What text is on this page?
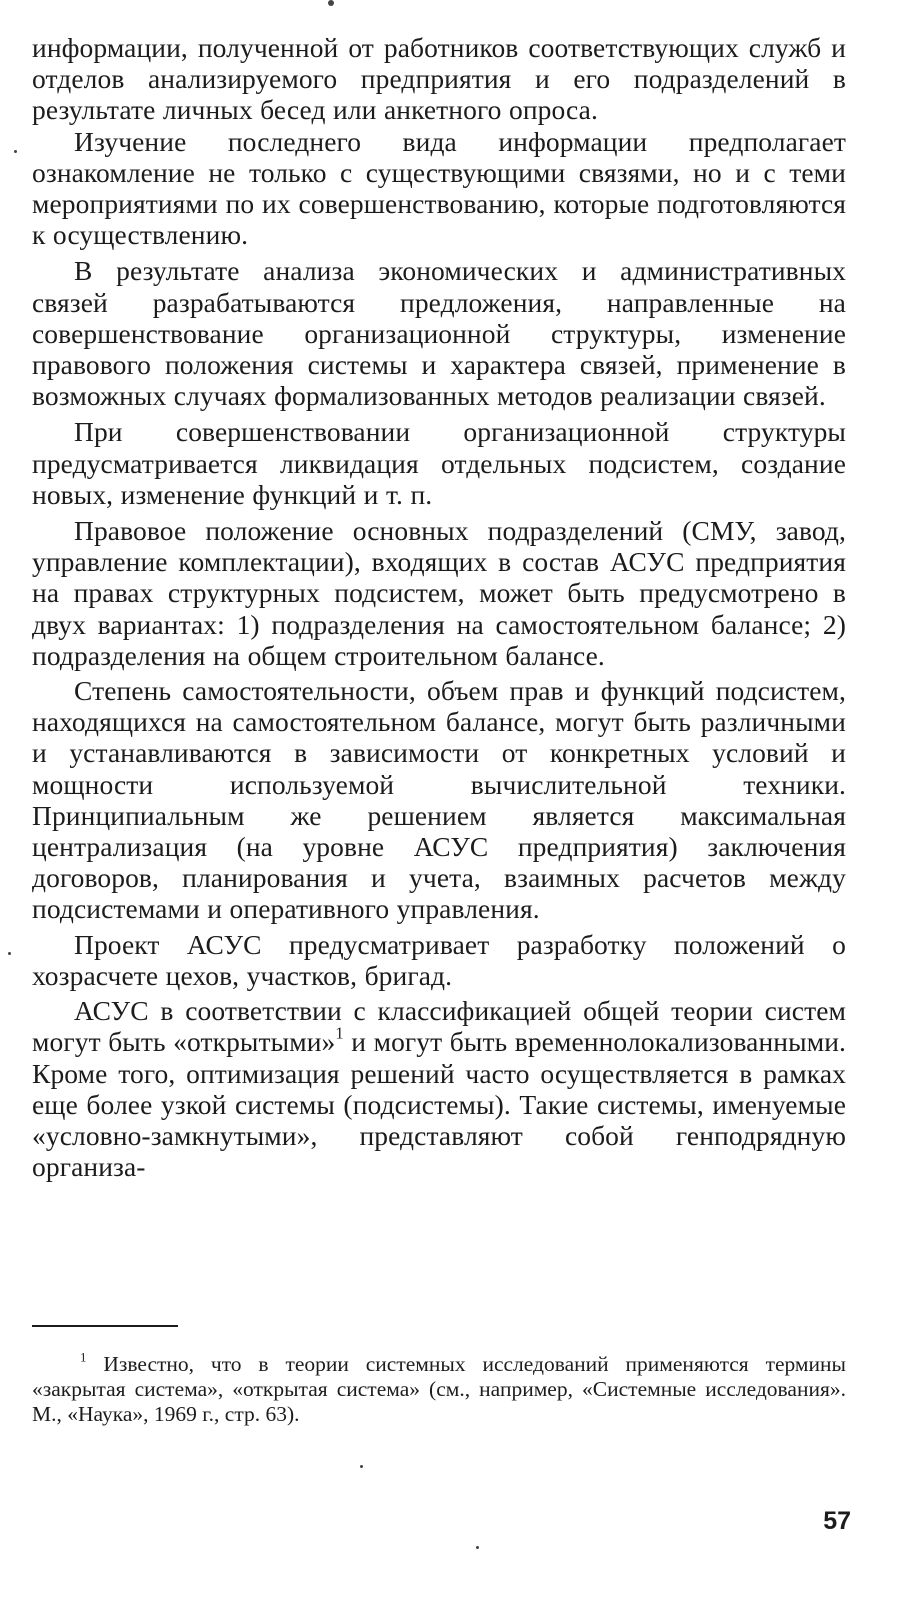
информации, полученной от работников соответствующих служб и отделов анализируемого предприятия и его подразделений в результате личных бесед или анкетного опроса.

Изучение последнего вида информации предполагает ознакомление не только с существующими связями, но и с теми мероприятиями по их совершенствованию, которые подготовляются к осуществлению.

В результате анализа экономических и административных связей разрабатываются предложения, направленные на совершенствование организационной структуры, изменение правового положения системы и характера связей, применение в возможных случаях формализованных методов реализации связей.

При совершенствовании организационной структуры предусматривается ликвидация отдельных подсистем, создание новых, изменение функций и т. п.

Правовое положение основных подразделений (СМУ, завод, управление комплектации), входящих в состав АСУС предприятия на правах структурных подсистем, может быть предусмотрено в двух вариантах: 1) подразделения на самостоятельном балансе; 2) подразделения на общем строительном балансе.

Степень самостоятельности, объем прав и функций подсистем, находящихся на самостоятельном балансе, могут быть различными и устанавливаются в зависимости от конкретных условий и мощности используемой вычислительной техники. Принципиальным же решением является максимальная централизация (на уровне АСУС предприятия) заключения договоров, планирования и учета, взаимных расчетов между подсистемами и оперативного управления.

Проект АСУС предусматривает разработку положений о хозрасчете цехов, участков, бригад.

АСУС в соответствии с классификацией общей теории систем могут быть «открытыми»$^1$ и могут быть временнолокализованными. Кроме того, оптимизация решений часто осуществляется в рамках еще более узкой системы (подсистемы). Такие системы, именуемые «условно-замкнутыми», представляют собой генподрядную организа-

$^1$ Известно, что в теории системных исследований применяются термины «закрытая система», «открытая система» (см., например, «Системные исследования». М., «Наука», 1969 г., стр. 63).

57
